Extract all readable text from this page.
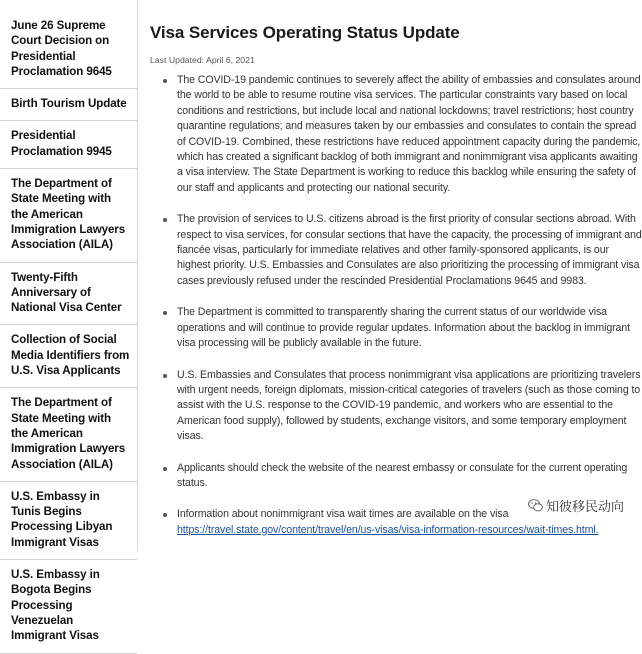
June 26 Supreme Court Decision on Presidential Proclamation 9645
Birth Tourism Update
Presidential Proclamation 9945
The Department of State Meeting with the American Immigration Lawyers Association (AILA)
Twenty-Fifth Anniversary of National Visa Center
Collection of Social Media Identifiers from U.S. Visa Applicants
The Department of State Meeting with the American Immigration Lawyers Association (AILA)
U.S. Embassy in Tunis Begins Processing Libyan Immigrant Visas
U.S. Embassy in Bogota Begins Processing Venezuelan Immigrant Visas
Visa Services Operating Status Update

Last Updated: April 6, 2021

The COVID-19 pandemic continues to severely affect the ability of embassies and consulates around the world to be able to resume routine visa services. The particular constraints vary based on local conditions and restrictions, but include local and national lockdowns; travel restrictions; host country quarantine regulations; and measures taken by our embassies and consulates to contain the spread of COVID-19. Combined, these restrictions have reduced appointment capacity during the pandemic, which has created a significant backlog of both immigrant and nonimmigrant visa applicants awaiting a visa interview. The State Department is working to reduce this backlog while ensuring the safety of our staff and applicants and protecting our national security.
The provision of services to U.S. citizens abroad is the first priority of consular sections abroad. With respect to visa services, for consular sections that have the capacity, the processing of immigrant and fiancée visas, particularly for immediate relatives and other family-sponsored applicants, is our highest priority. U.S. Embassies and Consulates are also prioritizing the processing of immigrant visa cases previously refused under the rescinded Presidential Proclamations 9645 and 9983.
The Department is committed to transparently sharing the current status of our worldwide visa operations and will continue to provide regular updates. Information about the backlog in immigrant visa processing will be publicly available in the future.
U.S. Embassies and Consulates that process nonimmigrant visa applications are prioritizing travelers with urgent needs, foreign diplomats, mission-critical categories of travelers (such as those coming to assist with the U.S. response to the COVID-19 pandemic, and workers who are essential to the American food supply), followed by students, exchange visitors, and some temporary employment visas.
Applicants should check the website of the nearest embassy or consulate for the current operating status.
Information about nonimmigrant visa wait times are available on the visa https://travel.state.gov/content/travel/en/us-visas/visa-information-resources/wait-times.html.
知彼移民动向
